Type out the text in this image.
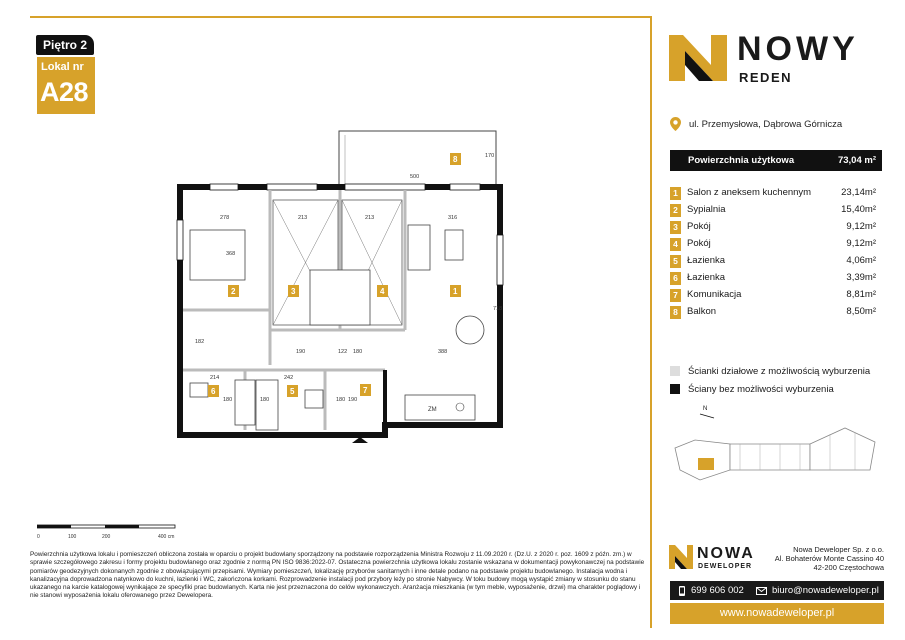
Piętro 2
Lokal nr
A28
ZM
278	213	213	316
500
170
368
718
190	122 180	388
182
214	242
180	180	180 190
1
2	3	4
5
6	7
8
0	100	200	400 cm
Powierzchnia użytkowa lokalu i pomieszczeń obliczona została w oparciu o projekt budowlany sporządzony na podstawie rozporządzenia Ministra Rozwoju z 11.09.2020 r. (Dz.U. z 2020 r. poz. 1609 z późn. zm.) w sprawie szczegółowego zakresu i formy projektu budowlanego oraz zgodnie z normą PN ISO 9836:2022-07. Ostateczna powierzchnia użytkowa lokalu zostanie wskazana w dokumentacji powykonawczej na podstawie pomiarów geodezyjnych dokonanych zgodnie z obowiązującymi przepisami. Wymiary pomieszczeń, lokalizację przyborów sanitarnych i inne detale podano na podstawie projektu budowlanego. Instalacja wodna i kanalizacyjna doprowadzona natynkowo do kuchni, łazienki i WC, zakończona korkami. Rozprowadzenie instalacji pod przybory leży po stronie Nabywcy. W toku budowy mogą wystąpić zmiany w stosunku do stanu ukazanego na karcie katalogowej wynikające ze specyfiki prac budowlanych. Karta nie jest przeznaczona do celów wykonawczych. Aranżacja mieszkania (w tym meble, wyposażenie, drzwi) ma charakter poglądowy i nie stanowi wyposażenia lokalu oferowanego przez Dewelopera.
NOWY
REDEN
ul. Przemysłowa, Dąbrowa Górnicza
Powierzchnia użytkowa	73,04 m²
1 Salon z aneksem kuchennym	23,14m²
2 Sypialnia	15,40m²
3 Pokój	9,12m²
4 Pokój	9,12m²
5 Łazienka	4,06m²
6 Łazienka	3,39m²
7 Komunikacja	8,81m²
8 Balkon	8,50m²
Ścianki działowe z możliwością wyburzenia
Ściany bez możliwości wyburzenia
N
NOWA
DEWELOPER
Nowa Deweloper Sp. z o.o.
Al. Bohaterów Monte Cassino 40
42-200 Częstochowa
699 606 002	biuro@nowadeweloper.pl
www.nowadeweloper.pl
